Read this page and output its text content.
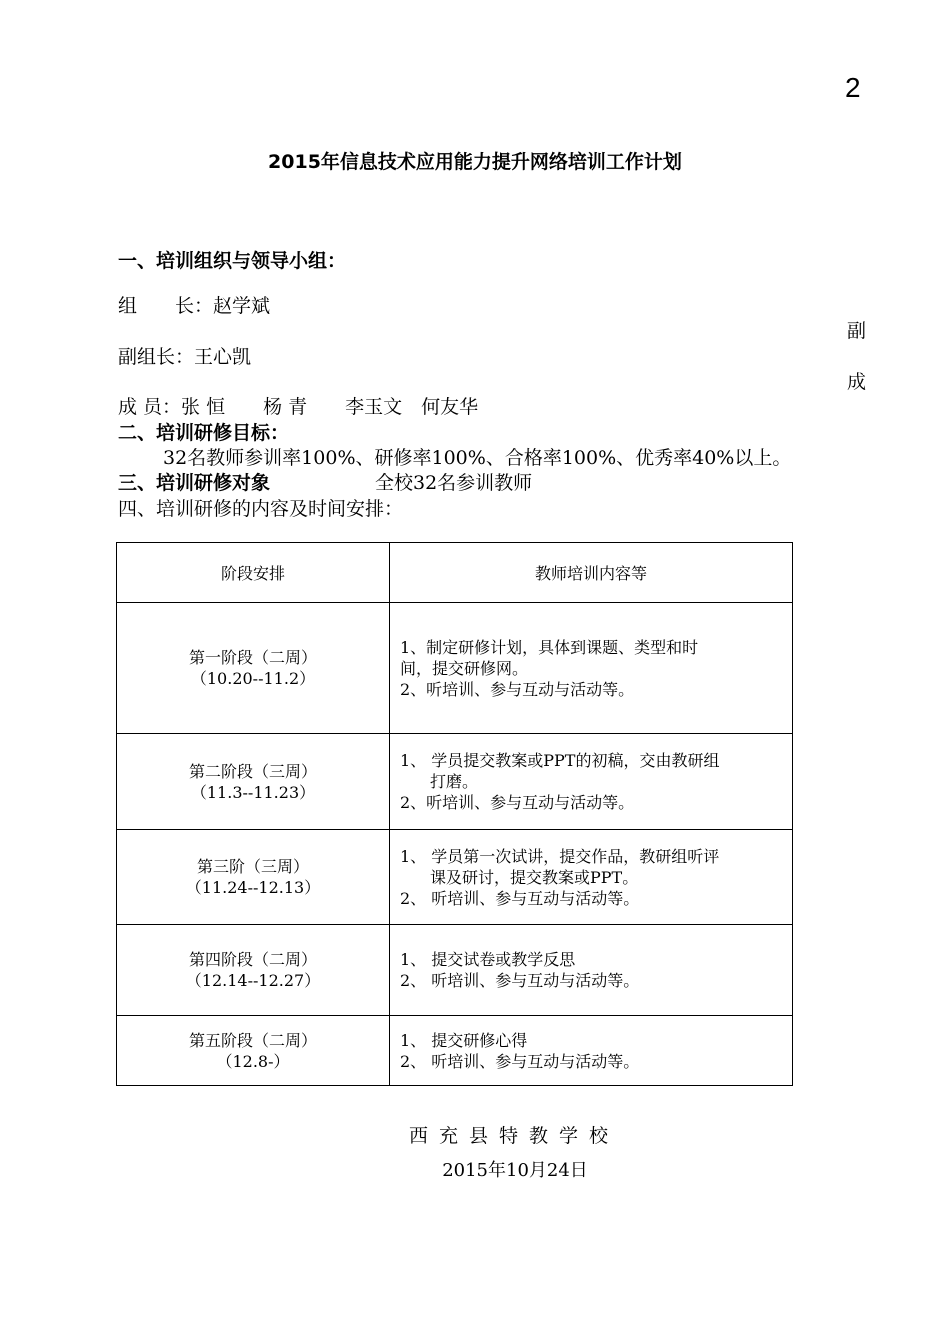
2
2015年信息技术应用能力提升网络培训工作计划
一、培训组织与领导小组：
组　　长：赵学斌
副
副组长：王心凯
成
成 员：张 恒　　杨 青　　李玉文　何友华
二、培训研修目标：
32名教师参训率100%、研修率100%、合格率100%、优秀率40%以上。
三、培训研修对象	全校32名参训教师
四、培训研修的内容及时间安排：
阶段安排	教师培训内容等

第一阶段（二周）
（10.20--11.2）	1、制定研修计划，具体到课题、类型和时
间，提交研修网。
2、听培训、参与互动与活动等。

第二阶段（三周）
（11.3--11.23）	1、 学员提交教案或PPT的初稿，交由教研组
打磨。
2、听培训、参与互动与活动等。

第三阶（三周）
（11.24--12.13）	1、 学员第一次试讲，提交作品，教研组听评
课及研讨，提交教案或PPT。
2、 听培训、参与互动与活动等。

第四阶段（二周）
（12.14--12.27）	1、 提交试卷或教学反思
2、 听培训、参与互动与活动等。

第五阶段（二周）
（12.8-）	1、 提交研修心得
2、 听培训、参与互动与活动等。
西充县特教学校
2015年10月24日
